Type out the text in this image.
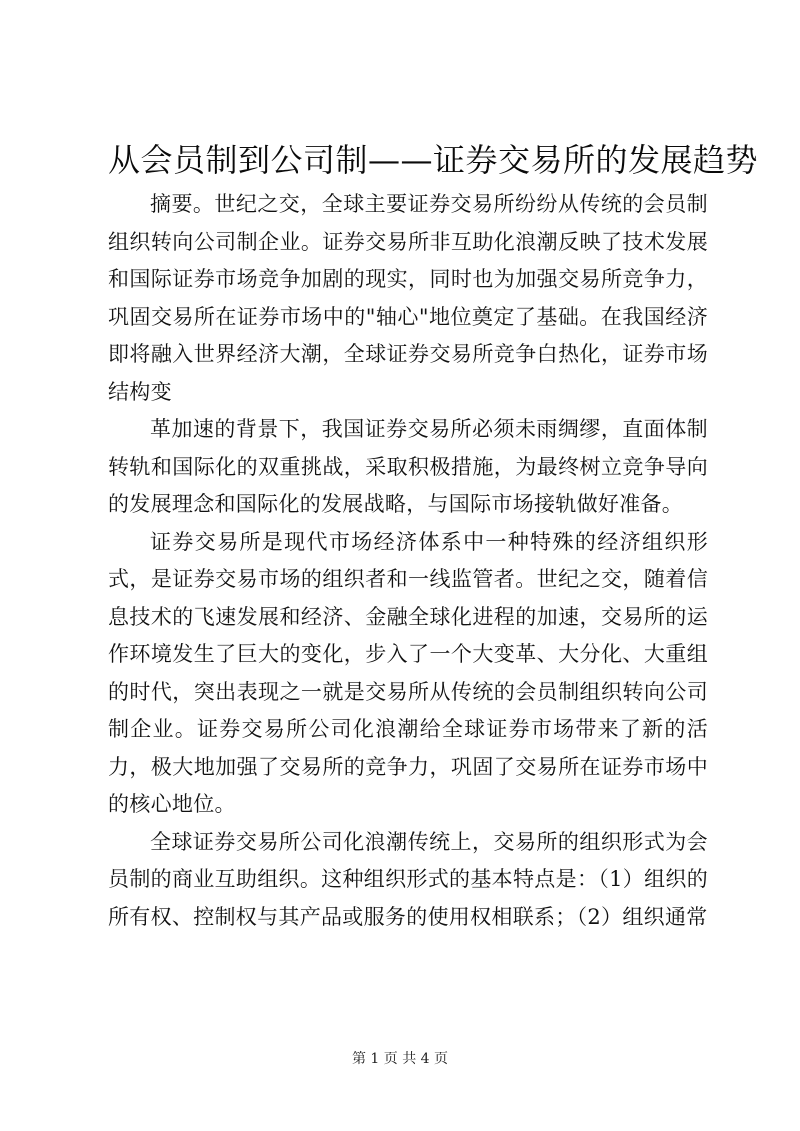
从会员制到公司制——证券交易所的发展趋势

摘要。世纪之交，全球主要证券交易所纷纷从传统的会员制组织转向公司制企业。证券交易所非互助化浪潮反映了技术发展和国际证券市场竞争加剧的现实，同时也为加强交易所竞争力，巩固交易所在证券市场中的"轴心"地位奠定了基础。在我国经济即将融入世界经济大潮，全球证券交易所竞争白热化，证券市场结构变

革加速的背景下，我国证券交易所必须未雨绸缪，直面体制转轨和国际化的双重挑战，采取积极措施，为最终树立竞争导向的发展理念和国际化的发展战略，与国际市场接轨做好准备。

证券交易所是现代市场经济体系中一种特殊的经济组织形式，是证券交易市场的组织者和一线监管者。世纪之交，随着信息技术的飞速发展和经济、金融全球化进程的加速，交易所的运作环境发生了巨大的变化，步入了一个大变革、大分化、大重组的时代，突出表现之一就是交易所从传统的会员制组织转向公司制企业。证券交易所公司化浪潮给全球证券市场带来了新的活力，极大地加强了交易所的竞争力，巩固了交易所在证券市场中的核心地位。

全球证券交易所公司化浪潮传统上，交易所的组织形式为会员制的商业互助组织。这种组织形式的基本特点是：（1）组织的所有权、控制权与其产品或服务的使用权相联系；（2）组织通常

第 1 页 共 4 页
